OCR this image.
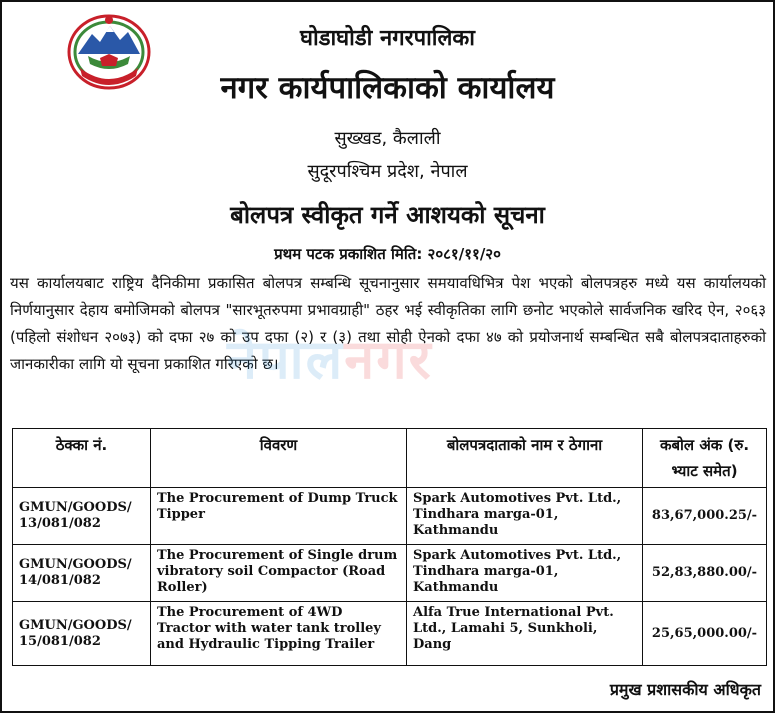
घोडाघोडी नगरपालिका
नगर कार्यपालिकाको कार्यालय
सुख्खड, कैलाली
सुदूरपश्चिम प्रदेश, नेपाल
बोलपत्र स्वीकृत गर्ने आशयको सूचना
प्रथम पटक प्रकाशित मिति: २०८१/११/२०
यस कार्यालयबाट राष्ट्रिय दैनिकीमा प्रकासित बोलपत्र सम्बन्धि सूचनानुसार समयावधिभित्र पेश भएको बोलपत्रहरु मध्ये यस कार्यालयको निर्णयानुसार देहाय बमोजिमको बोलपत्र "सारभूतरुपमा प्रभावग्राही" ठहर भई स्वीकृतिका लागि छनोट भएकोले सार्वजनिक खरिद ऐन, २०६३ (पहिलो संशोधन २०७३) को दफा २७ को उप दफा (२) र (३) तथा सोही ऐनको दफा ४७ को प्रयोजनार्थ सम्बन्धित सबै बोलपत्रदाताहरुको जानकारीका लागि यो सूचना प्रकाशित गरिएको छ।
नेपालनगर
ठेक्का नं.	विवरण	बोलपत्रदाताको नाम र ठेगाना	कबोल अंक (रु. भ्याट समेत)
GMUN/GOODS/ 13/081/082	The Procurement of Dump Truck Tipper	Spark Automotives Pvt. Ltd., Tindhara marga-01, Kathmandu	83,67,000.25/-
GMUN/GOODS/ 14/081/082	The Procurement of Single drum vibratory soil Compactor (Road Roller)	Spark Automotives Pvt. Ltd., Tindhara marga-01, Kathmandu	52,83,880.00/-
GMUN/GOODS/ 15/081/082	The Procurement of 4WD Tractor with water tank trolley and Hydraulic Tipping Trailer	Alfa True International Pvt. Ltd., Lamahi 5, Sunkholi, Dang	25,65,000.00/-
प्रमुख प्रशासकीय अधिकृत
